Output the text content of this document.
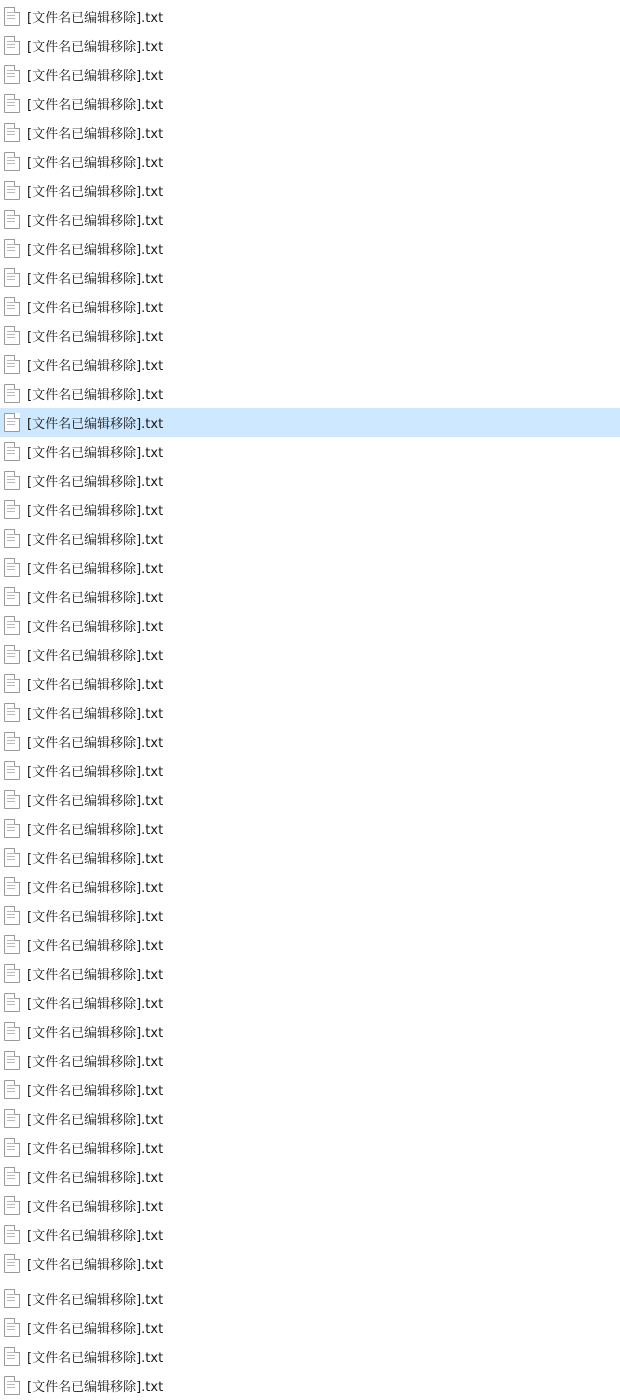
[文件名已编辑移除].txt
[文件名已编辑移除].txt
[文件名已编辑移除].txt
[文件名已编辑移除].txt
[文件名已编辑移除].txt
[文件名已编辑移除].txt
[文件名已编辑移除].txt
[文件名已编辑移除].txt
[文件名已编辑移除].txt
[文件名已编辑移除].txt
[文件名已编辑移除].txt
[文件名已编辑移除].txt
[文件名已编辑移除].txt
[文件名已编辑移除].txt
[文件名已编辑移除].txt
[文件名已编辑移除].txt
[文件名已编辑移除].txt
[文件名已编辑移除].txt
[文件名已编辑移除].txt
[文件名已编辑移除].txt
[文件名已编辑移除].txt
[文件名已编辑移除].txt
[文件名已编辑移除].txt
[文件名已编辑移除].txt
[文件名已编辑移除].txt
[文件名已编辑移除].txt
[文件名已编辑移除].txt
[文件名已编辑移除].txt
[文件名已编辑移除].txt
[文件名已编辑移除].txt
[文件名已编辑移除].txt
[文件名已编辑移除].txt
[文件名已编辑移除].txt
[文件名已编辑移除].txt
[文件名已编辑移除].txt
[文件名已编辑移除].txt
[文件名已编辑移除].txt
[文件名已编辑移除].txt
[文件名已编辑移除].txt
[文件名已编辑移除].txt
[文件名已编辑移除].txt
[文件名已编辑移除].txt
[文件名已编辑移除].txt
[文件名已编辑移除].txt
[文件名已编辑移除].txt
[文件名已编辑移除].txt
[文件名已编辑移除].txt
[文件名已编辑移除].txt
